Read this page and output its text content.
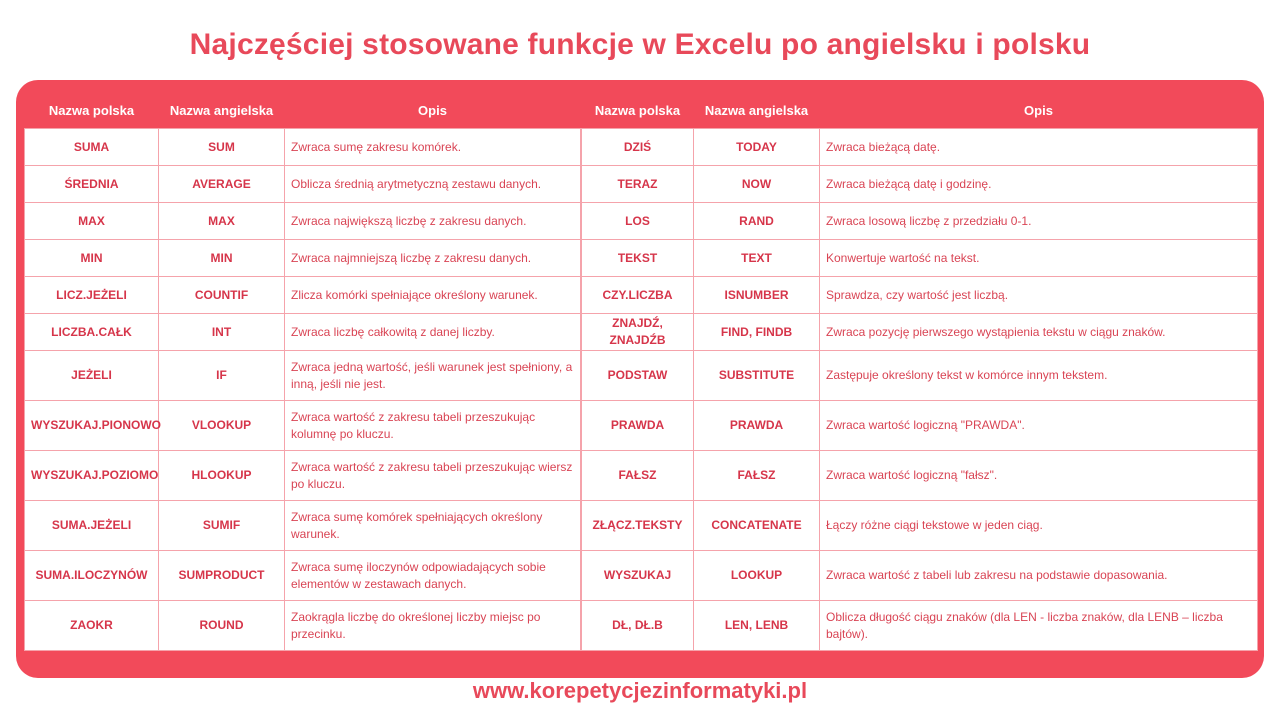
Najczęściej stosowane funkcje w Excelu po angielsku i polsku
Nazwa polska	Nazwa angielska	Opis
SUMA	SUM	Zwraca sumę zakresu komórek.
ŚREDNIA	AVERAGE	Oblicza średnią arytmetyczną zestawu danych.
MAX	MAX	Zwraca największą liczbę z zakresu danych.
MIN	MIN	Zwraca najmniejszą liczbę z zakresu danych.
LICZ.JEŻELI	COUNTIF	Zlicza komórki spełniające określony warunek.
LICZBA.CAŁK	INT	Zwraca liczbę całkowitą z danej liczby.
JEŻELI	IF	Zwraca jedną wartość, jeśli warunek jest spełniony, a inną, jeśli nie jest.
WYSZUKAJ.PIONOWO	VLOOKUP	Zwraca wartość z zakresu tabeli przeszukując kolumnę po kluczu.
WYSZUKAJ.POZIOMO	HLOOKUP	Zwraca wartość z zakresu tabeli przeszukując wiersz po kluczu.
SUMA.JEŻELI	SUMIF	Zwraca sumę komórek spełniających określony warunek.
SUMA.ILOCZYNÓW	SUMPRODUCT	Zwraca sumę iloczynów odpowiadających sobie elementów w zestawach danych.
ZAOKR	ROUND	Zaokrągla liczbę do określonej liczby miejsc po przecinku.
Nazwa polska	Nazwa angielska	Opis
DZIŚ	TODAY	Zwraca bieżącą datę.
TERAZ	NOW	Zwraca bieżącą datę i godzinę.
LOS	RAND	Zwraca losową liczbę z przedziału 0-1.
TEKST	TEXT	Konwertuje wartość na tekst.
CZY.LICZBA	ISNUMBER	Sprawdza, czy wartość jest liczbą.
ZNAJDŹ, ZNAJDŹB	FIND, FINDB	Zwraca pozycję pierwszego wystąpienia tekstu w ciągu znaków.
PODSTAW	SUBSTITUTE	Zastępuje określony tekst w komórce innym tekstem.
PRAWDA	PRAWDA	Zwraca wartość logiczną "PRAWDA".
FAŁSZ	FAŁSZ	Zwraca wartość logiczną "fałsz".
ZŁĄCZ.TEKSTY	CONCATENATE	Łączy różne ciągi tekstowe w jeden ciąg.
WYSZUKAJ	LOOKUP	Zwraca wartość z tabeli lub zakresu na podstawie dopasowania.
DŁ, DŁ.B	LEN, LENB	Oblicza długość ciągu znaków (dla LEN - liczba znaków, dla LENB – liczba bajtów).
www.korepetycjezinformatyki.pl
